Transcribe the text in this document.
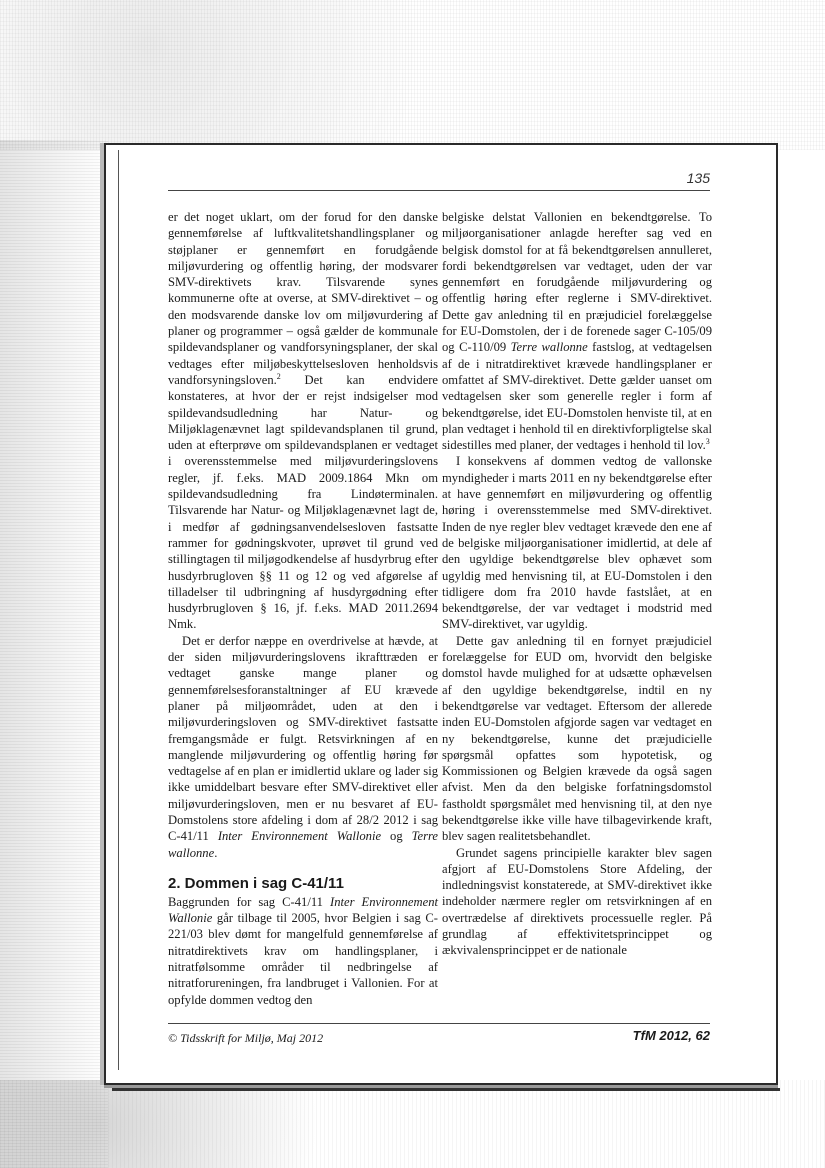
135

er det noget uklart, om der forud for den danske gennemførelse af luftkvalitetshandlingsplaner og støjplaner er gennemført en forudgående miljøvurdering og offentlig høring, der modsvarer SMV-direktivets krav. Tilsvarende synes kommunerne ofte at overse, at SMV-direktivet – og den modsvarende danske lov om miljøvurdering af planer og programmer – også gælder de kommunale spildevandsplaner og vandforsyningsplaner, der skal vedtages efter miljøbeskyttelsesloven henholdsvis vandforsyningsloven.$^2$ Det kan endvidere konstateres, at hvor der er rejst indsigelser mod spildevandsudledning har Natur- og Miljøklagenævnet lagt spildevandsplanen til grund, uden at efterprøve om spildevandsplanen er vedtaget i overensstemmelse med miljøvurderingslovens regler, jf. f.eks. MAD 2009.1864 Mkn om spildevandsudledning fra Lindøterminalen. Tilsvarende har Natur- og Miljøklagenævnet lagt de, i medfør af gødningsanvendelsesloven fastsatte rammer for gødningskvoter, uprøvet til grund ved stillingtagen til miljøgodkendelse af husdyrbrug efter husdyrbrugloven §§ 11 og 12 og ved afgørelse af tilladelser til udbringning af husdyrgødning efter husdyrbrugloven § 16, jf. f.eks. MAD 2011.2694 Nmk.

Det er derfor næppe en overdrivelse at hævde, at der siden miljøvurderingslovens ikrafttræden er vedtaget ganske mange planer og gennemførelsesforanstaltninger af EU krævede planer på miljøområdet, uden at den i miljøvurderingsloven og SMV-direktivet fastsatte fremgangsmåde er fulgt. Retsvirkningen af en manglende miljøvurdering og offentlig høring før vedtagelse af en plan er imidlertid uklare og lader sig ikke umiddelbart besvare efter SMV-direktivet eller miljøvurderingsloven, men er nu besvaret af EU-Domstolens store afdeling i dom af 28/2 2012 i sag C-41/11 Inter Environnement Wallonie og Terre wallonne.

2. Dommen i sag C-41/11

Baggrunden for sag C-41/11 Inter Environnement Wallonie går tilbage til 2005, hvor Belgien i sag C-221/03 blev dømt for mangelfuld gennemførelse af nitratdirektivets krav om handlingsplaner, i nitratfølsomme områder til nedbringelse af nitratforureningen, fra landbruget i Vallonien. For at opfylde dommen vedtog den

belgiske delstat Vallonien en bekendtgørelse. To miljøorganisationer anlagde herefter sag ved en belgisk domstol for at få bekendtgørelsen annulleret, fordi bekendtgørelsen var vedtaget, uden der var gennemført en forudgående miljøvurdering og offentlig høring efter reglerne i SMV-direktivet. Dette gav anledning til en præjudiciel forelæggelse for EU-Domstolen, der i de forenede sager C-105/09 og C-110/09 Terre wallonne fastslog, at vedtagelsen af de i nitratdirektivet krævede handlingsplaner er omfattet af SMV-direktivet. Dette gælder uanset om vedtagelsen sker som generelle regler i form af bekendtgørelse, idet EU-Domstolen henviste til, at en plan vedtaget i henhold til en direktivforpligtelse skal sidestilles med planer, der vedtages i henhold til lov.$^3$

I konsekvens af dommen vedtog de vallonske myndigheder i marts 2011 en ny bekendtgørelse efter at have gennemført en miljøvurdering og offentlig høring i overensstemmelse med SMV-direktivet. Inden de nye regler blev vedtaget krævede den ene af de belgiske miljøorganisationer imidlertid, at dele af den ugyldige bekendtgørelse blev ophævet som ugyldig med henvisning til, at EU-Domstolen i den tidligere dom fra 2010 havde fastslået, at en bekendtgørelse, der var vedtaget i modstrid med SMV-direktivet, var ugyldig.

Dette gav anledning til en fornyet præjudiciel forelæggelse for EUD om, hvorvidt den belgiske domstol havde mulighed for at udsætte ophævelsen af den ugyldige bekendtgørelse, indtil en ny bekendtgørelse var vedtaget. Eftersom der allerede inden EU-Domstolen afgjorde sagen var vedtaget en ny bekendtgørelse, kunne det præjudicielle spørgsmål opfattes som hypotetisk, og Kommissionen og Belgien krævede da også sagen afvist. Men da den belgiske forfatningsdomstol fastholdt spørgsmålet med henvisning til, at den nye bekendtgørelse ikke ville have tilbagevirkende kraft, blev sagen realitetsbehandlet.

Grundet sagens principielle karakter blev sagen afgjort af EU-Domstolens Store Afdeling, der indledningsvist konstaterede, at SMV-direktivet ikke indeholder nærmere regler om retsvirkningen af en overtrædelse af direktivets processuelle regler. På grundlag af effektivitetsprincippet og ækvivalensprincippet er de nationale

© Tidsskrift for Miljø, Maj 2012	TfM 2012, 62
